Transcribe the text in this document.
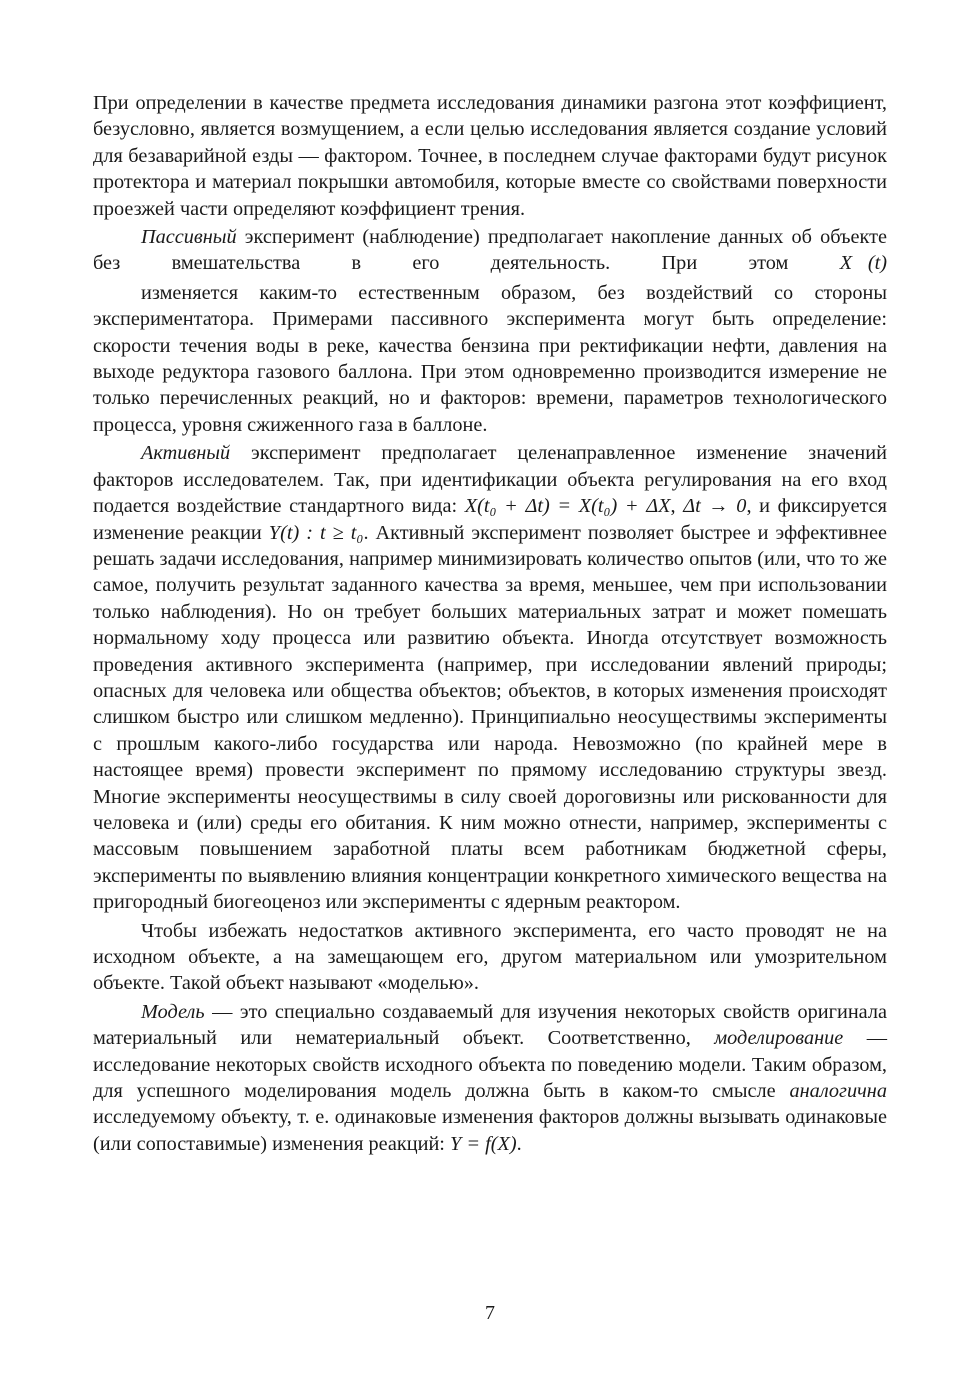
При определении в качестве предмета исследования динамики разгона этот коэффициент, безусловно, является возмущением, а если целью исследования является создание условий для безаварийной езды — фактором. Точнее, в последнем случае факторами будут рисунок протектора и материал покрышки автомобиля, которые вместе со свойствами поверхности проезжей части определяют коэффициент трения.

Пассивный эксперимент (наблюдение) предполагает накопление данных об объекте без вмешательства в его деятельность. При этом X⃗(t)изменяется каким-то естественным образом, без воздействий со стороны экспериментатора. Примерами пассивного эксперимента могут быть определение: скорости течения воды в реке, качества бензина при ректификации нефти, давления на выходе редуктора газового баллона. При этом одновременно производится измерение не только перечисленных реакций, но и факторов: времени, параметров технологического процесса, уровня сжиженного газа в баллоне.

Активный эксперимент предполагает целенаправленное изменение значений факторов исследователем. Так, при идентификации объекта регулирования на его вход подается воздействие стандартного вида: X(t₀ + Δt) = X(t₀) + ΔX, Δt → 0, и фиксируется изменение реакции Y(t) : t ≥ t₀. Активный эксперимент позволяет быстрее и эффективнее решать задачи исследования, например минимизировать количество опытов (или, что то же самое, получить результат заданного качества за время, меньшее, чем при использовании только наблюдения). Но он требует больших материальных затрат и может помешать нормальному ходу процесса или развитию объекта. Иногда отсутствует возможность проведения активного эксперимента (например, при исследовании явлений природы; опасных для человека или общества объектов; объектов, в которых изменения происходят слишком быстро или слишком медленно). Принципиально неосуществимы эксперименты с прошлым какого-либо государства или народа. Невозможно (по крайней мере в настоящее время) провести эксперимент по прямому исследованию структуры звезд. Многие эксперименты неосуществимы в силу своей дороговизны или рискованности для человека и (или) среды его обитания. К ним можно отнести, например, эксперименты с массовым повышением заработной платы всем работникам бюджетной сферы, эксперименты по выявлению влияния концентрации конкретного химического вещества на пригородный биогеоценоз или эксперименты с ядерным реактором.

Чтобы избежать недостатков активного эксперимента, его часто проводят не на исходном объекте, а на замещающем его, другом материальном или умозрительном объекте. Такой объект называют «моделью».

Модель — это специально создаваемый для изучения некоторых свойств оригинала материальный или нематериальный объект. Соответственно, моделирование — исследование некоторых свойств исходного объекта по поведению модели. Таким образом, для успешного моделирования модель должна быть в каком-то смысле аналогична исследуемому объекту, т. е. одинаковые изменения факторов должны вызывать одинаковые (или сопоставимые) изменения реакций: Y = f(X).

7
